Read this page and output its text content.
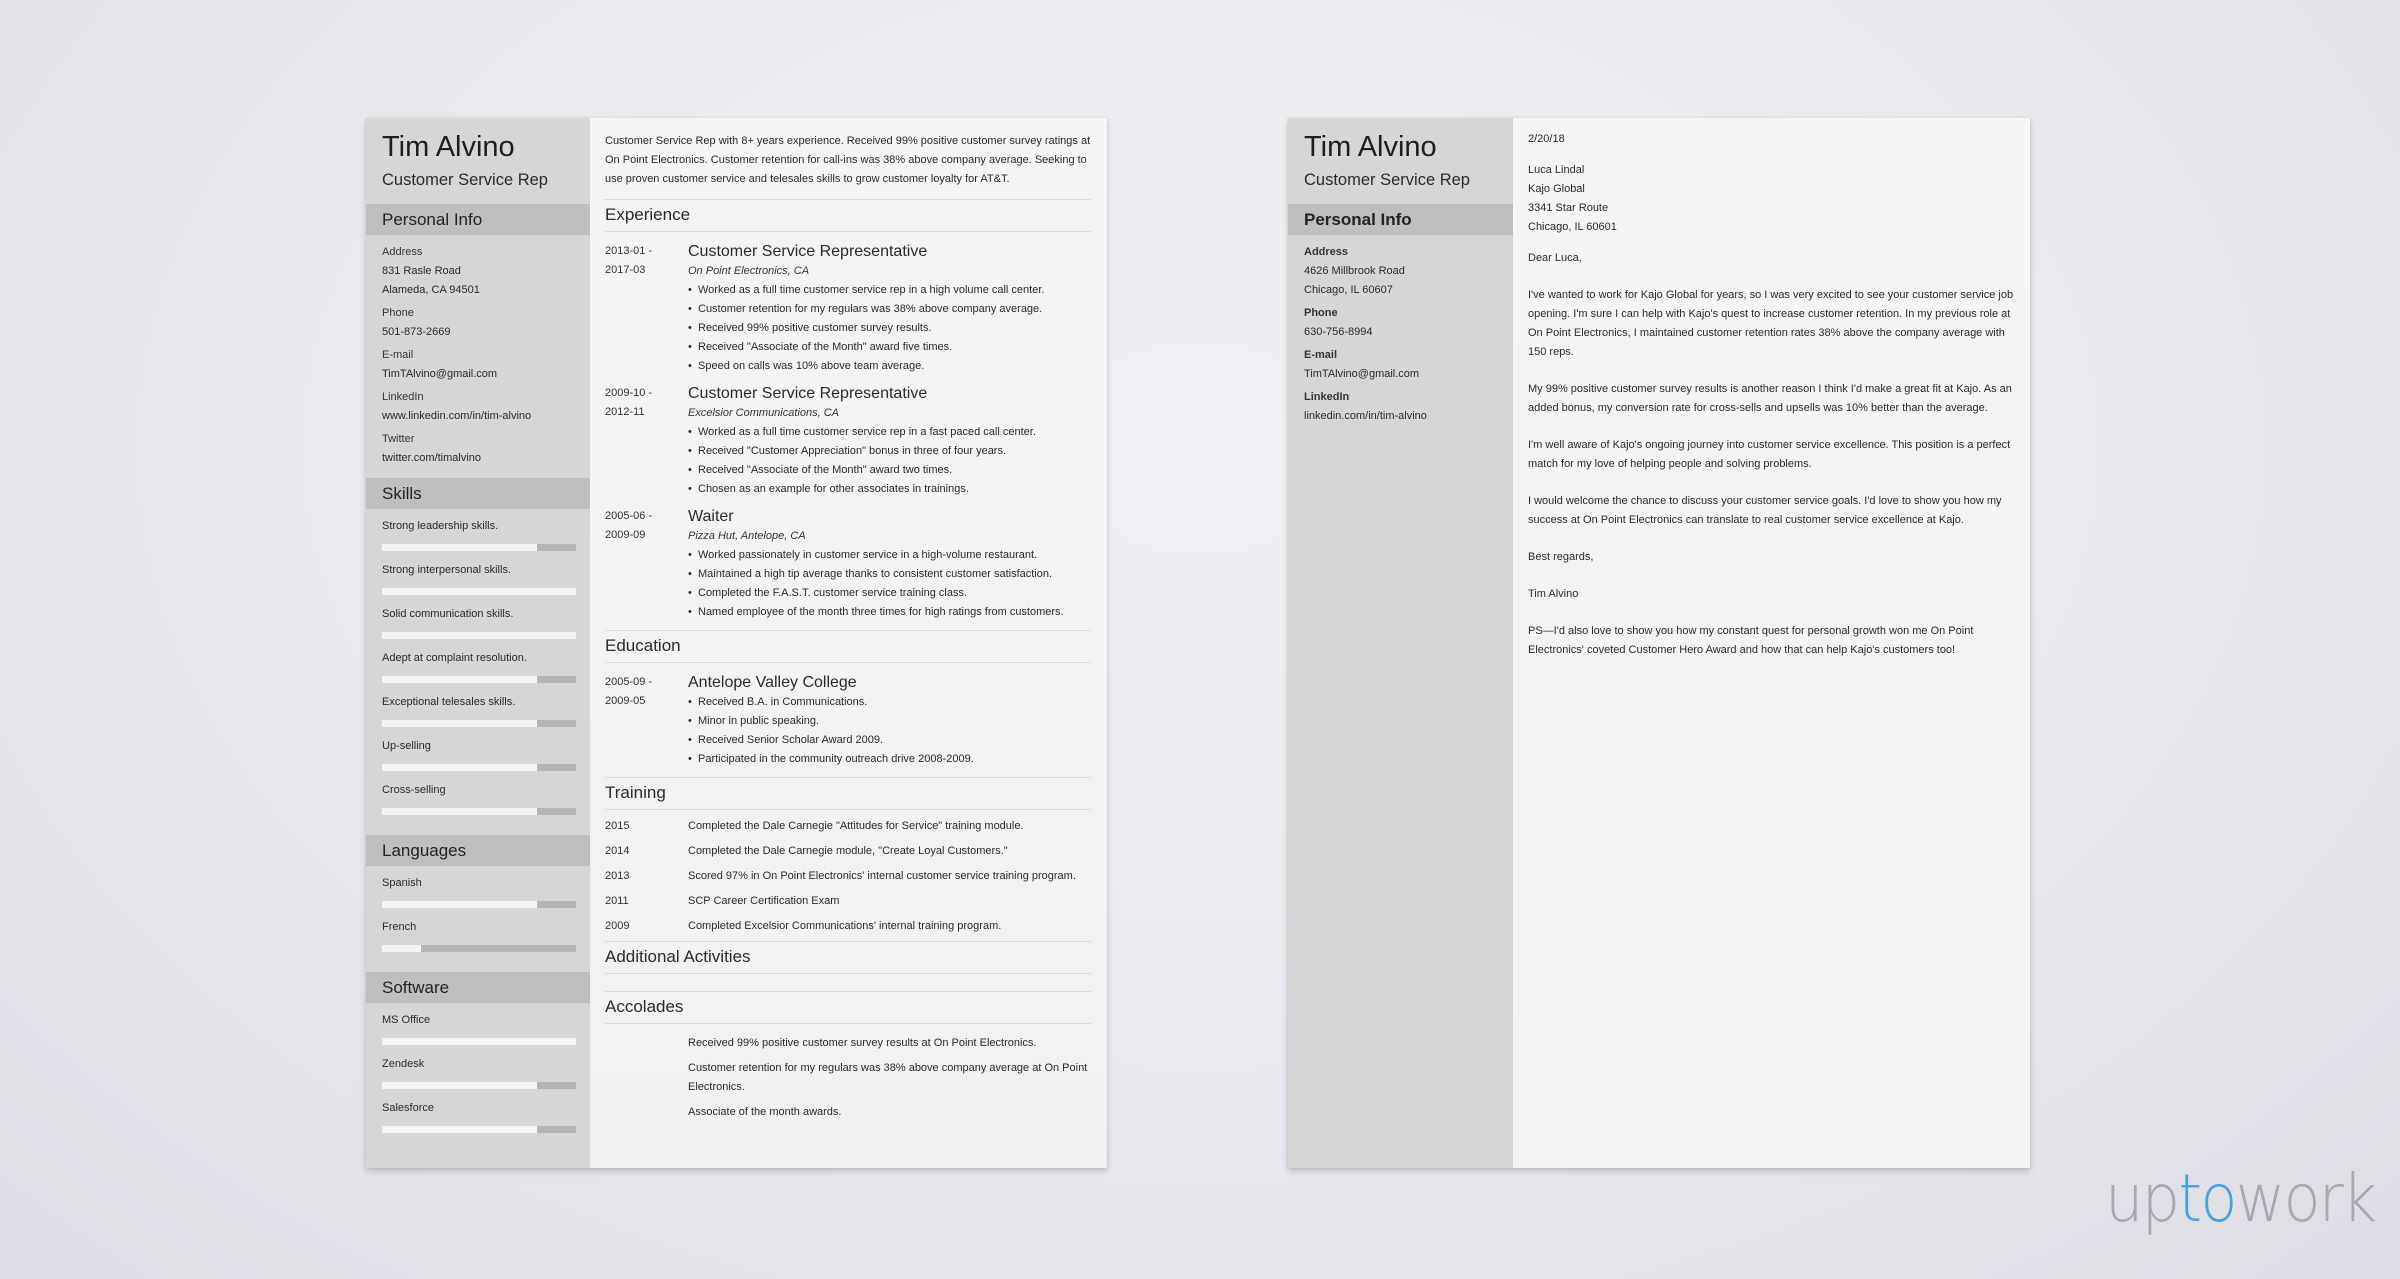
Tim Alvino
Customer Service Rep
Personal Info
Address
831 Rasle Road
Alameda, CA 94501
Phone
501-873-2669
E-mail
TimTAlvino@gmail.com
LinkedIn
www.linkedin.com/in/tim-alvino
Twitter
twitter.com/timalvino
Skills
Strong leadership skills.
Strong interpersonal skills.
Solid communication skills.
Adept at complaint resolution.
Exceptional telesales skills.
Up-selling
Cross-selling
Languages
Spanish
French
Software
MS Office
Zendesk
Salesforce
Customer Service Rep with 8+ years experience. Received 99% positive customer survey ratings at On Point Electronics. Customer retention for call-ins was 38% above company average. Seeking to use proven customer service and telesales skills to grow customer loyalty for AT&T.
Experience
2013-01 -
2017-03
Customer Service Representative
On Point Electronics, CA
• Worked as a full time customer service rep in a high volume call center.
• Customer retention for my regulars was 38% above company average.
• Received 99% positive customer survey results.
• Received "Associate of the Month" award five times.
• Speed on calls was 10% above team average.
2009-10 -
2012-11
Customer Service Representative
Excelsior Communications, CA
• Worked as a full time customer service rep in a fast paced call center.
• Received "Customer Appreciation" bonus in three of four years.
• Received "Associate of the Month" award two times.
• Chosen as an example for other associates in trainings.
2005-06 -
2009-09
Waiter
Pizza Hut, Antelope, CA
• Worked passionately in customer service in a high-volume restaurant.
• Maintained a high tip average thanks to consistent customer satisfaction.
• Completed the F.A.S.T. customer service training class.
• Named employee of the month three times for high ratings from customers.
Education
2005-09 -
2009-05
Antelope Valley College
• Received B.A. in Communications.
• Minor in public speaking.
• Received Senior Scholar Award 2009.
• Participated in the community outreach drive 2008-2009.
Training
2015	Completed the Dale Carnegie "Attitudes for Service" training module.
2014	Completed the Dale Carnegie module, "Create Loyal Customers."
2013	Scored 97% in On Point Electronics' internal customer service training program.
2011	SCP Career Certification Exam
2009	Completed Excelsior Communications' internal training program.
Additional Activities
Accolades
Received 99% positive customer survey results at On Point Electronics.
Customer retention for my regulars was 38% above company average at On Point Electronics.
Associate of the month awards.
Tim Alvino
Customer Service Rep
Personal Info
Address
4626 Millbrook Road
Chicago, IL 60607
Phone
630-756-8994
E-mail
TimTAlvino@gmail.com
LinkedIn
linkedin.com/in/tim-alvino

2/20/18

Luca Lindal
Kajo Global
3341 Star Route
Chicago, IL 60601

Dear Luca,

I've wanted to work for Kajo Global for years, so I was very excited to see your customer service job opening. I'm sure I can help with Kajo's quest to increase customer retention. In my previous role at On Point Electronics, I maintained customer retention rates 38% above the company average with 150 reps.

My 99% positive customer survey results is another reason I think I'd make a great fit at Kajo. As an added bonus, my conversion rate for cross-sells and upsells was 10% better than the average.

I'm well aware of Kajo's ongoing journey into customer service excellence. This position is a perfect match for my love of helping people and solving problems.

I would welcome the chance to discuss your customer service goals. I'd love to show you how my success at On Point Electronics can translate to real customer service excellence at Kajo.

Best regards,

Tim Alvino

PS—I'd also love to show you how my constant quest for personal growth won me On Point Electronics' coveted Customer Hero Award and how that can help Kajo's customers too!

uptowork
